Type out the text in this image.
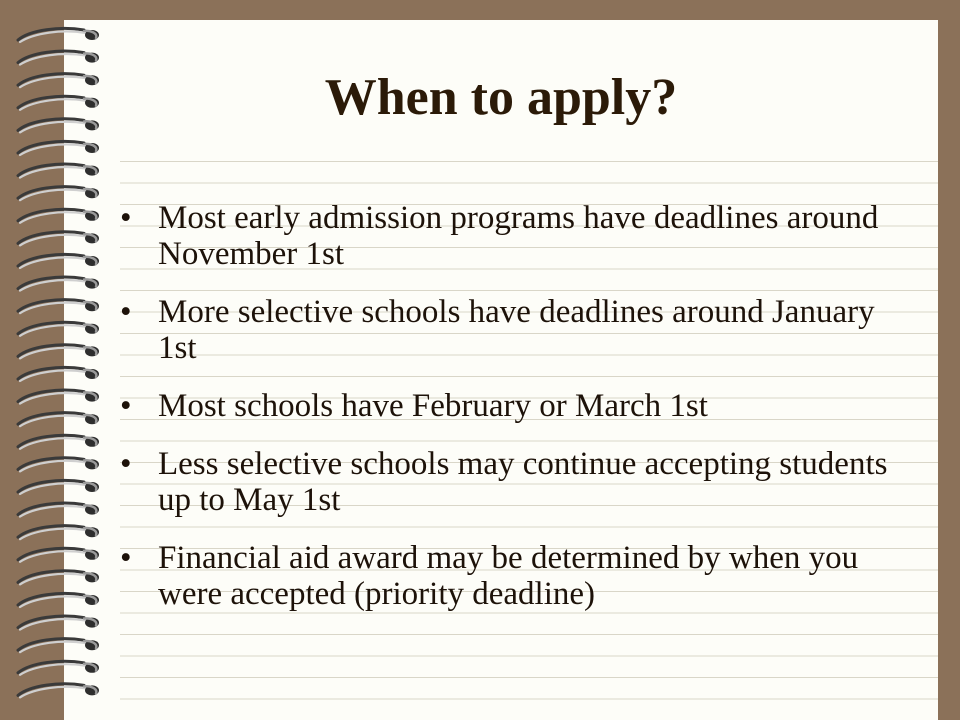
When to apply?
• Most early admission programs have deadlines around November 1st
• More selective schools have deadlines around January 1st
• Most schools have February or March 1st
• Less selective schools may continue accepting students up to May 1st
• Financial aid award may be determined by when you were accepted (priority deadline)
